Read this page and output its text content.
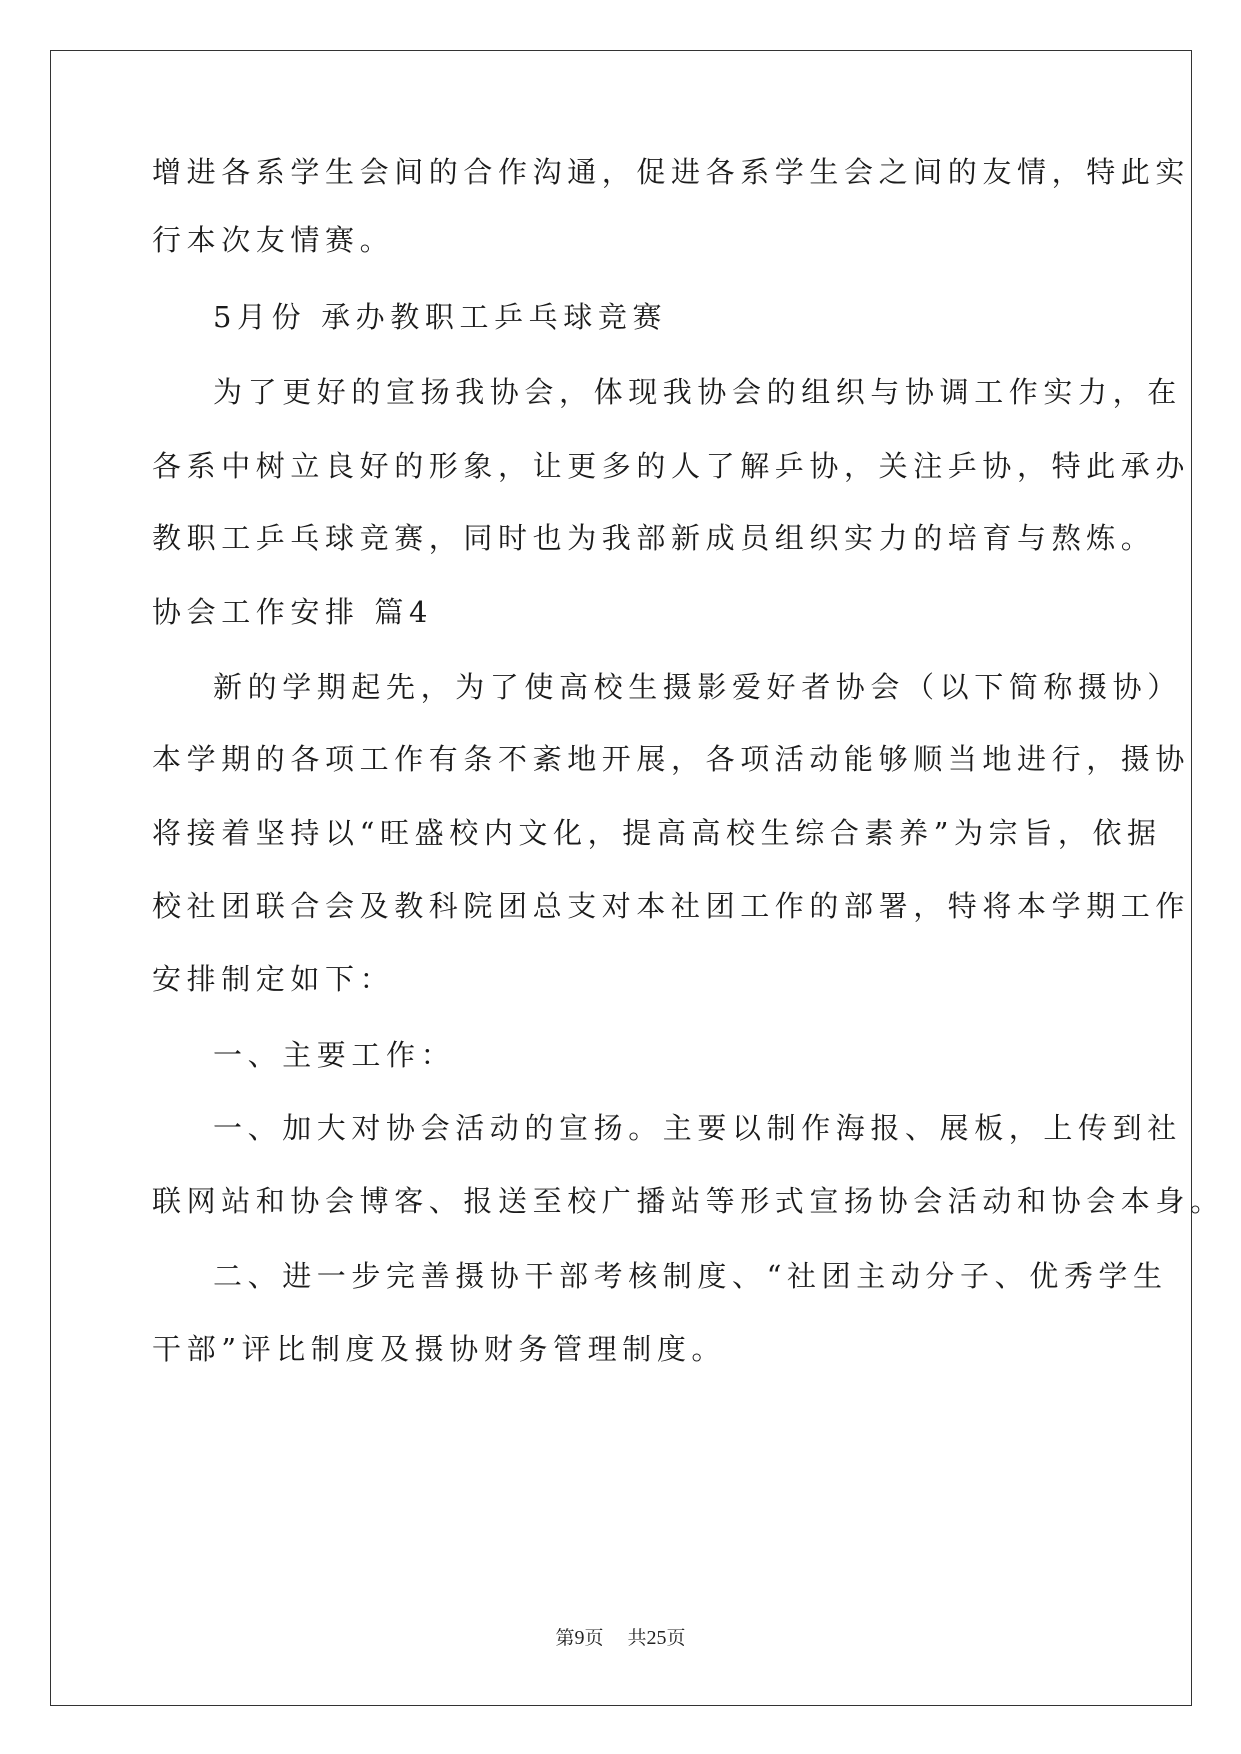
增进各系学生会间的合作沟通，促进各系学生会之间的友情，特此实
行本次友情赛。
5月份 承办教职工乒乓球竞赛
为了更好的宣扬我协会，体现我协会的组织与协调工作实力，在
各系中树立良好的形象，让更多的人了解乒协，关注乒协，特此承办
教职工乒乓球竞赛，同时也为我部新成员组织实力的培育与熬炼。
协会工作安排 篇4
新的学期起先，为了使高校生摄影爱好者协会（以下简称摄协）
本学期的各项工作有条不紊地开展，各项活动能够顺当地进行，摄协
将接着坚持以“旺盛校内文化，提高高校生综合素养”为宗旨，依据
校社团联合会及教科院团总支对本社团工作的部署，特将本学期工作
安排制定如下：
一、主要工作：
一、加大对协会活动的宣扬。主要以制作海报、展板，上传到社
联网站和协会博客、报送至校广播站等形式宣扬协会活动和协会本身。
二、进一步完善摄协干部考核制度、“社团主动分子、优秀学生
干部”评比制度及摄协财务管理制度。
第9页 共25页
